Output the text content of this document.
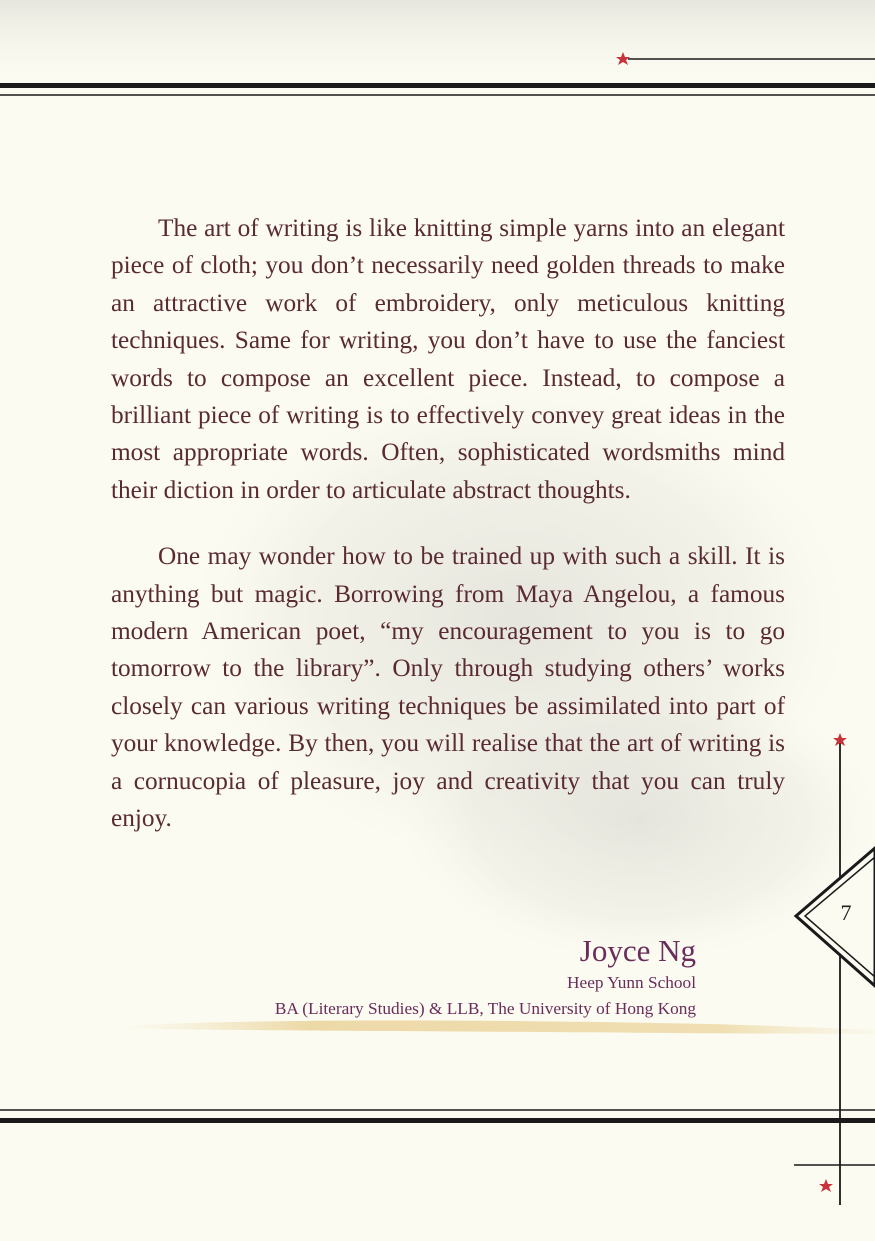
The art of writing is like knitting simple yarns into an elegant piece of cloth; you don’t necessarily need golden threads to make an attractive work of embroidery, only meticulous knitting techniques. Same for writing, you don’t have to use the fanciest words to compose an excellent piece. Instead, to compose a brilliant piece of writing is to effectively convey great ideas in the most appropriate words. Often, sophisticated wordsmiths mind their diction in order to articulate abstract thoughts.

One may wonder how to be trained up with such a skill. It is anything but magic. Borrowing from Maya Angelou, a famous modern American poet, “my encouragement to you is to go tomorrow to the library”. Only through studying others’ works closely can various writing techniques be assimilated into part of your knowledge. By then, you will realise that the art of writing is a cornucopia of pleasure, joy and creativity that you can truly enjoy.

Joyce Ng
Heep Yunn School
BA (Literary Studies) & LLB, The University of Hong Kong
7
